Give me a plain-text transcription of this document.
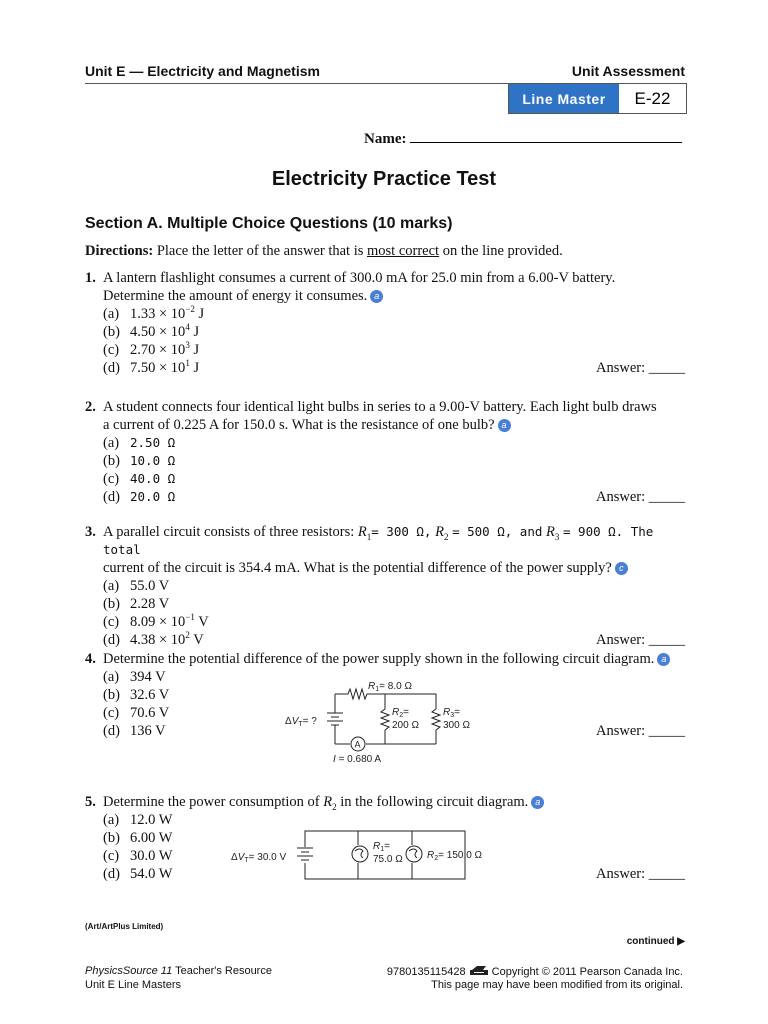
Unit E — Electricity and Magnetism	Unit Assessment
Line Master	E-22
Name:
Electricity Practice Test
Section A. Multiple Choice Questions (10 marks)
Directions: Place the letter of the answer that is most correct on the line provided.
1. A lantern flashlight consumes a current of 300.0 mA for 25.0 min from a 6.00-V battery.
Determine the amount of energy it consumes. a
(a) $1.33 \times 10^{-2}$ J
(b) $4.50 \times 10^4$ J
(c) $2.70 \times 10^3$ J
(d) $7.50 \times 10^1$ J	Answer: _____
2. A student connects four identical light bulbs in series to a 9.00-V battery. Each light bulb draws
a current of 0.225 A for 150.0 s. What is the resistance of one bulb? a
(a) 2.50 Ω
(b) 10.0 Ω
(c) 40.0 Ω
(d) 20.0 Ω	Answer: _____
3. A parallel circuit consists of three resistors: $R_1= 300$ Ω, $R_2 = 500$ Ω, and $R_3 = 900$ Ω. The total
current of the circuit is 354.4 mA. What is the potential difference of the power supply? c
(a) 55.0 V
(b) 2.28 V
(c) $8.09 \times 10^{-1}$ V
(d) $4.38 \times 10^2$ V	Answer: _____
4. Determine the potential difference of the power supply shown in the following circuit diagram. a
(a) 394 V
(b) 32.6 V
(c) 70.6 V
(d) 136 V	Answer: _____
$R_1= 8.0$ Ω
$R_2=$
200 Ω
$R_3=$
300 Ω
$\Delta V_T=$ ?
A
I = 0.680 A
5. Determine the power consumption of $R_2$ in the following circuit diagram. a
(a) 12.0 W
(b) 6.00 W
(c) 30.0 W
(d) 54.0 W	Answer: _____
$\Delta V_T= 30.0$ V
$R_1=$
75.0 Ω $R_2= 150.0$ Ω
(Art/ArtPlus Limited)
continued ▶
PhysicsSource 11 Teacher's Resource
Unit E Line Masters
9780135115428 Copyright © 2011 Pearson Canada Inc.
This page may have been modified from its original.
